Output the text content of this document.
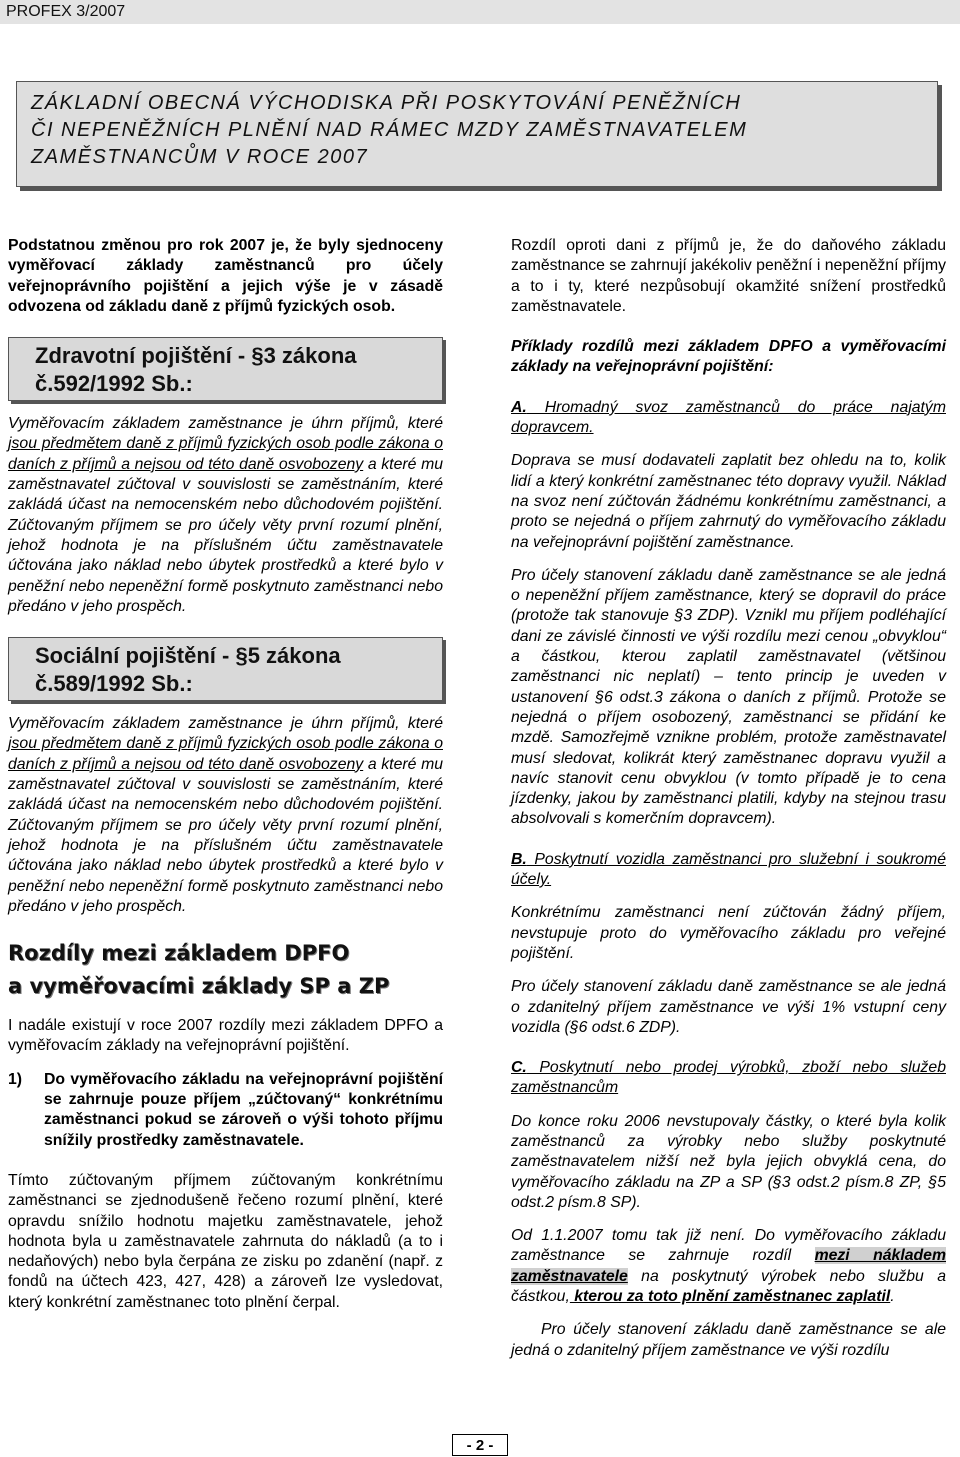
PROFEX 3/2007
ZÁKLADNÍ OBECNÁ VÝCHODISKA PŘI POSKYTOVÁNÍ PENĚŽNÍCH
ČI NEPENĚŽNÍCH PLNĚNÍ NAD RÁMEC MZDY ZAMĚSTNAVATELEM
ZAMĚSTNANCŮM V ROCE 2007

Podstatnou změnou pro rok 2007 je, že byly sjednoceny vyměřovací základy zaměstnanců pro účely veřejnoprávního pojištění a jejich výše je v zásadě odvozena od základu daně z příjmů fyzických osob.

Zdravotní pojištění - §3 zákona č.592/1992 Sb.:

Vyměřovacím základem zaměstnance je úhrn příjmů, které jsou předmětem daně z příjmů fyzických osob podle zákona o daních z příjmů a nejsou od této daně osvobozeny a které mu zaměstnavatel zúčtoval v souvislosti se zaměstnáním, které zakládá účast na nemocenském nebo důchodovém pojištění. Zúčtovaným příjmem se pro účely věty první rozumí plnění, jehož hodnota je na příslušném účtu zaměstnavatele účtována jako náklad nebo úbytek prostředků a které bylo v peněžní nebo nepeněžní formě poskytnuto zaměstnanci nebo předáno v jeho prospěch.

Sociální pojištění - §5 zákona č.589/1992 Sb.:

Vyměřovacím základem zaměstnance je úhrn příjmů, které jsou předmětem daně z příjmů fyzických osob podle zákona o daních z příjmů a nejsou od této daně osvobozeny a které mu zaměstnavatel zúčtoval v souvislosti se zaměstnáním, které zakládá účast na nemocenském nebo důchodovém pojištění. Zúčtovaným příjmem se pro účely věty první rozumí plnění, jehož hodnota je na příslušném účtu zaměstnavatele účtována jako náklad nebo úbytek prostředků a které bylo v peněžní nebo nepeněžní formě poskytnuto zaměstnanci nebo předáno v jeho prospěch.

Rozdíly mezi základem DPFO
a vyměřovacími základy SP a ZP

I nadále existují v roce 2007 rozdíly mezi základem DPFO a vyměřovacím základy na veřejnoprávní pojištění.

1)	Do vyměřovacího základu na veřejnoprávní pojištění se zahrnuje pouze příjem „zúčtovaný“ konkrétnímu zaměstnanci pokud se zároveň o výši tohoto příjmu snížily prostředky zaměstnavatele.

Tímto zúčtovaným příjmem zúčtovaným konkrétnímu zaměstnanci se zjednodušeně řečeno rozumí plnění, které opravdu snížilo hodnotu majetku zaměstnavatele, jehož hodnota byla u zaměstnavatele zahrnuta do nákladů (a to i nedaňových) nebo byla čerpána ze zisku po zdanění (např. z fondů na účtech 423, 427, 428) a zároveň lze vysledovat, který konkrétní zaměstnanec toto plnění čerpal.

Rozdíl oproti dani z příjmů je, že do daňového základu zaměstnance se zahrnují jakékoliv peněžní i nepeněžní příjmy a to i ty, které nezpůsobují okamžité snížení prostředků zaměstnavatele.

Příklady rozdílů mezi základem DPFO a vyměřovacími základy na veřejnoprávní pojištění:

A. Hromadný svoz zaměstnanců do práce najatým dopravcem.

Doprava se musí dodavateli zaplatit bez ohledu na to, kolik lidí a který konkrétní zaměstnanec této dopravy využil. Náklad na svoz není zúčtován žádnému konkrétnímu zaměstnanci, a proto se nejedná o příjem zahrnutý do vyměřovacího základu na veřejnoprávní pojištění zaměstnance.

Pro účely stanovení základu daně zaměstnance se ale jedná o nepeněžní příjem zaměstnance, který se dopravil do práce (protože tak stanovuje §3 ZDP). Vznikl mu příjem podléhající dani ze závislé činnosti ve výši rozdílu mezi cenou „obvyklou“ a částkou, kterou zaplatil zaměstnavatel (většinou zaměstnanci nic neplatí) – tento princip je uveden v ustanovení §6 odst.3 zákona o daních z příjmů. Protože se nejedná o příjem osobozený, zaměstnanci se přidání ke mzdě. Samozřejmě vznikne problém, protože zaměstnavatel musí sledovat, kolikrát který zaměstnanec dopravu využil a navíc stanovit cenu obvyklou (v tomto případě je to cena jízdenky, jakou by zaměstnanci platili, kdyby na stejnou trasu absolvovali s komerčním dopravcem).

B. Poskytnutí vozidla zaměstnanci pro služební i soukromé účely.

Konkrétnímu zaměstnanci není zúčtován žádný příjem, nevstupuje proto do vyměřovacího základu pro veřejné pojištění.

Pro účely stanovení základu daně zaměstnance se ale jedná o zdanitelný příjem zaměstnance ve výši 1% vstupní ceny vozidla (§6 odst.6 ZDP).

C. Poskytnutí nebo prodej výrobků, zboží nebo služeb zaměstnancům

Do konce roku 2006 nevstupovaly částky, o které byla kolik zaměstnanců za výrobky nebo služby poskytnuté zaměstnavatelem nižší než byla jejich obvyklá cena, do vyměřovacího základu na ZP a SP (§3 odst.2 písm.8 ZP, §5 odst.2 písm.8 SP).

Od 1.1.2007 tomu tak již není. Do vyměřovacího základu zaměstnance se zahrnuje rozdíl mezi nákladem zaměstnavatele na poskytnutý výrobek nebo službu a částkou, kterou za toto plnění zaměstnanec zaplatil.

Pro účely stanovení základu daně zaměstnance se ale jedná o zdanitelný příjem zaměstnance ve výši rozdílu

- 2 -
